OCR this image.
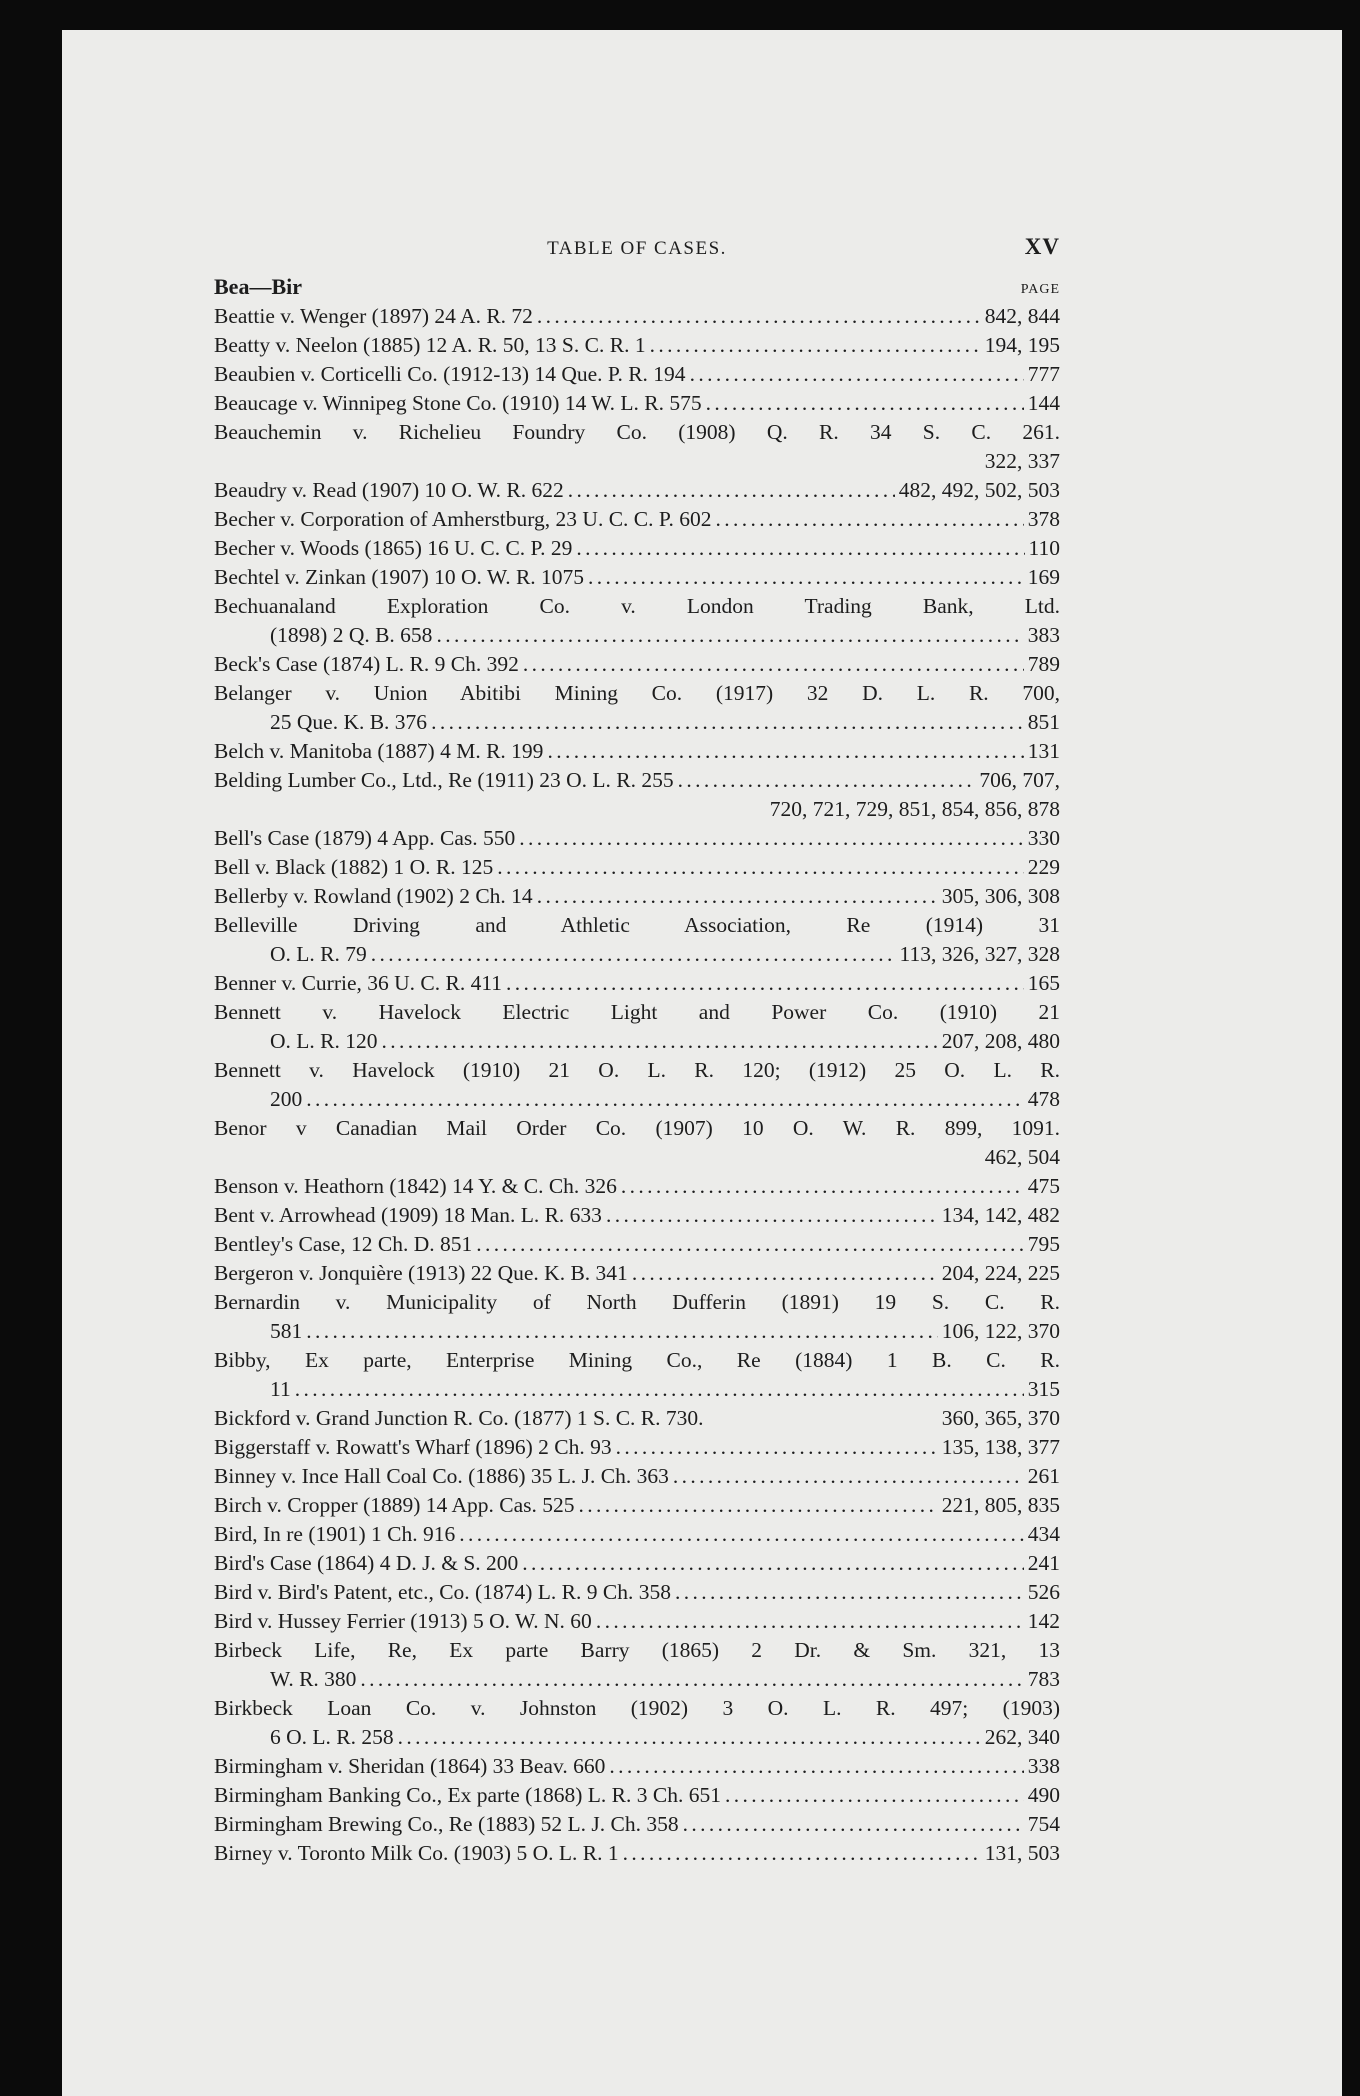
TABLE OF CASES.	XV
Bea—Bir	PAGE
Beattie v. Wenger (1897) 24 A. R. 72 . . .	842, 844
Beatty v. Neelon (1885) 12 A. R. 50, 13 S. C. R. 1 . . .	194, 195
Beaubien v. Corticelli Co. (1912-13) 14 Que. P. R. 194 . . .	777
Beaucage v. Winnipeg Stone Co. (1910) 14 W. L. R. 575 . . .	144
Beauchemin v. Richelieu Foundry Co. (1908) Q. R. 34 S. C. 261.
322, 337
Beaudry v. Read (1907) 10 O. W. R. 622 . . .	482, 492, 502, 503
Becher v. Corporation of Amherstburg, 23 U. C. C. P. 602 . . .	378
Becher v. Woods (1865) 16 U. C. C. P. 29 . . .	110
Bechtel v. Zinkan (1907) 10 O. W. R. 1075 . . .	169
Bechuanaland Exploration Co. v. London Trading Bank, Ltd.
(1898) 2 Q. B. 658 . . .	383
Beck's Case (1874) L. R. 9 Ch. 392 . . .	789
Belanger v. Union Abitibi Mining Co. (1917) 32 D. L. R. 700,
25 Que. K. B. 376 . . .	851
Belch v. Manitoba (1887) 4 M. R. 199 . . .	131
Belding Lumber Co., Ltd., Re (1911) 23 O. L. R. 255 . . .	706, 707,
720, 721, 729, 851, 854, 856, 878
Bell's Case (1879) 4 App. Cas. 550 . . .	330
Bell v. Black (1882) 1 O. R. 125 . . .	229
Bellerby v. Rowland (1902) 2 Ch. 14 . . .	305, 306, 308
Belleville Driving and Athletic Association, Re (1914) 31
O. L. R. 79 . . .	113, 326, 327, 328
Benner v. Currie, 36 U. C. R. 411 . . .	165
Bennett v. Havelock Electric Light and Power Co. (1910) 21
O. L. R. 120 . . .	207, 208, 480
Bennett v. Havelock (1910) 21 O. L. R. 120; (1912) 25 O. L. R.
200 . . .	478
Benor v Canadian Mail Order Co. (1907) 10 O. W. R. 899, 1091.
462, 504
Benson v. Heathorn (1842) 14 Y. & C. Ch. 326 . . .	475
Bent v. Arrowhead (1909) 18 Man. L. R. 633 . . .	134, 142, 482
Bentley's Case, 12 Ch. D. 851 . . .	795
Bergeron v. Jonquière (1913) 22 Que. K. B. 341 . . .	204, 224, 225
Bernardin v. Municipality of North Dufferin (1891) 19 S. C. R.
581 . . .	106, 122, 370
Bibby, Ex parte, Enterprise Mining Co., Re (1884) 1 B. C. R.
11 . . .	315
Bickford v. Grand Junction R. Co. (1877) 1 S. C. R. 730.	360, 365, 370
Biggerstaff v. Rowatt's Wharf (1896) 2 Ch. 93 . . .	135, 138, 377
Binney v. Ince Hall Coal Co. (1886) 35 L. J. Ch. 363 . . .	261
Birch v. Cropper (1889) 14 App. Cas. 525 . . .	221, 805, 835
Bird, In re (1901) 1 Ch. 916 . . .	434
Bird's Case (1864) 4 D. J. & S. 200 . . .	241
Bird v. Bird's Patent, etc., Co. (1874) L. R. 9 Ch. 358 . . .	526
Bird v. Hussey Ferrier (1913) 5 O. W. N. 60 . . .	142
Birbeck Life, Re, Ex parte Barry (1865) 2 Dr. & Sm. 321, 13
W. R. 380 . . .	783
Birkbeck Loan Co. v. Johnston (1902) 3 O. L. R. 497; (1903)
6 O. L. R. 258 . . .	262, 340
Birmingham v. Sheridan (1864) 33 Beav. 660 . . .	338
Birmingham Banking Co., Ex parte (1868) L. R. 3 Ch. 651 . . .	490
Birmingham Brewing Co., Re (1883) 52 L. J. Ch. 358 . . .	754
Birney v. Toronto Milk Co. (1903) 5 O. L. R. 1 . . .	131, 503
